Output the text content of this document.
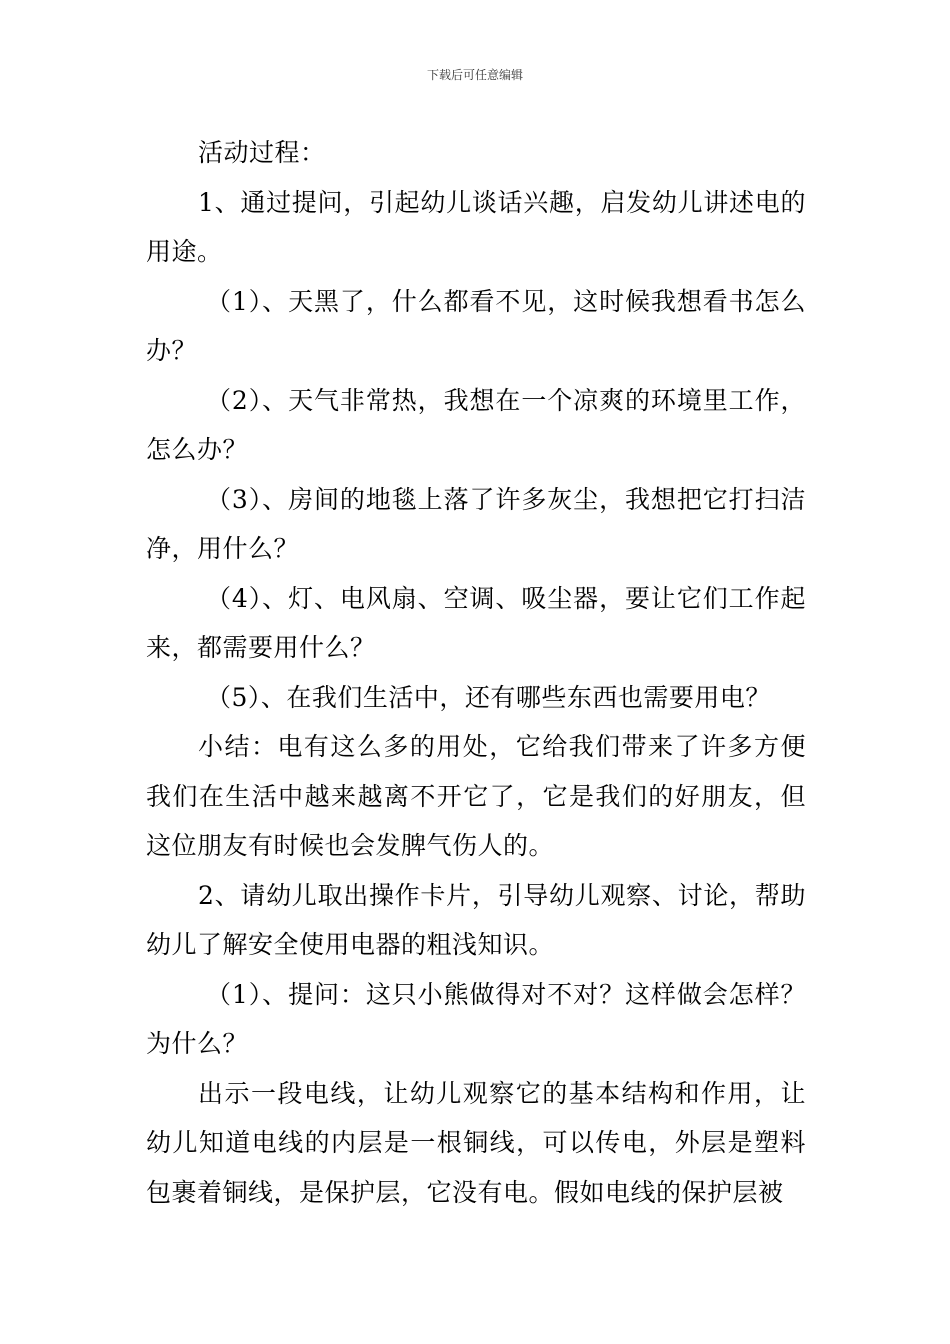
下载后可任意编辑

活动过程：

1、通过提问，引起幼儿谈话兴趣，启发幼儿讲述电的用途。

（1）、天黑了，什么都看不见，这时候我想看书怎么办？

（2）、天气非常热，我想在一个凉爽的环境里工作，怎么办？

（3）、房间的地毯上落了许多灰尘，我想把它打扫洁净，用什么？

（4）、灯、电风扇、空调、吸尘器，要让它们工作起来，都需要用什么？

（5）、在我们生活中，还有哪些东西也需要用电？

小结：电有这么多的用处，它给我们带来了许多方便我们在生活中越来越离不开它了，它是我们的好朋友，但这位朋友有时候也会发脾气伤人的。

2、请幼儿取出操作卡片，引导幼儿观察、讨论，帮助幼儿了解安全使用电器的粗浅知识。

（1）、提问：这只小熊做得对不对？这样做会怎样？为什么？

出示一段电线，让幼儿观察它的基本结构和作用，让幼儿知道电线的内层是一根铜线，可以传电，外层是塑料包裹着铜线，是保护层，它没有电。假如电线的保护层被
